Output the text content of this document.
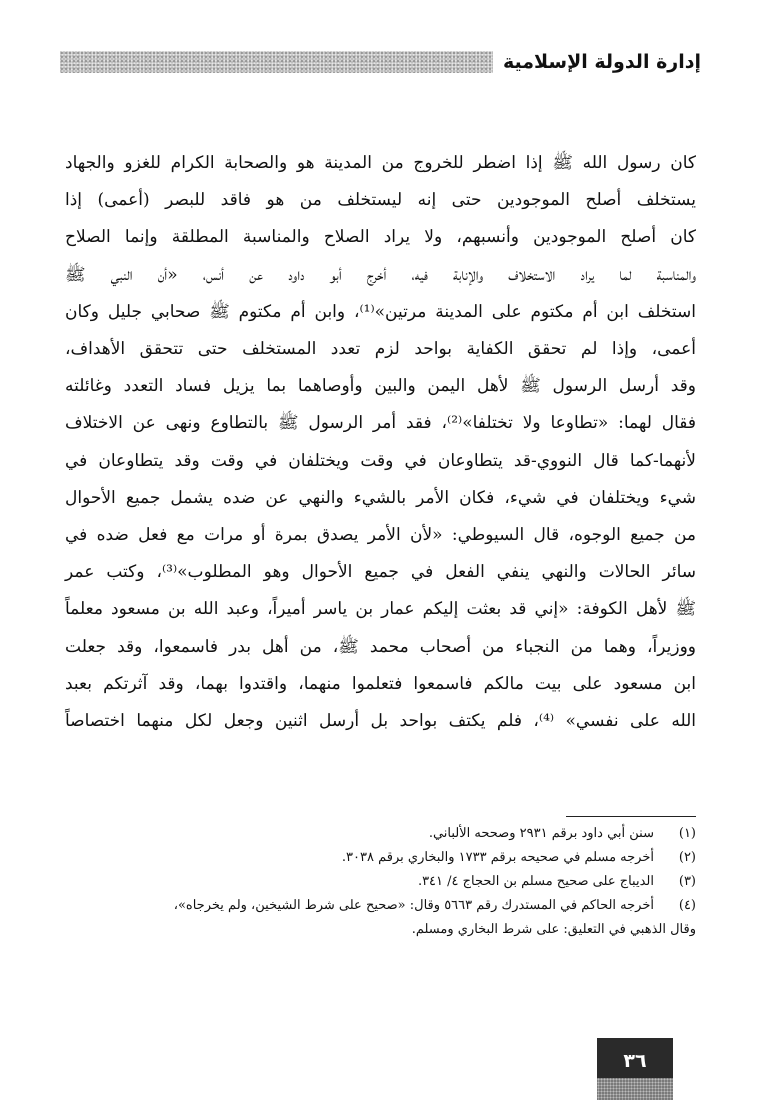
إدارة الدولة الإسلامية
كان رسول الله ﷺ إذا اضطر للخروج من المدينة هو والصحابة الكرام للغزو والجهاد
يستخلف أصلح الموجودين حتى إنه ليستخلف من هو فاقد للبصر (أعمى) إذا
كان أصلح الموجودين وأنسبهم، ولا يراد الصلاح والمناسبة المطلقة وإنما الصلاح
والمناسبة لما يراد الاستخلاف والإنابة فيه، أخرج أبو داود عن أنس، «أن النبي ﷺ
استخلف ابن أم مكتوم على المدينة مرتين»⁽¹⁾، وابن أم مكتوم ﷺ صحابي جليل وكان
أعمى، وإذا لم تحقق الكفاية بواحد لزم تعدد المستخلف حتى تتحقق الأهداف،
وقد أرسل الرسول ﷺ لأهل اليمن والبين وأوصاهما بما يزيل فساد التعدد وغائلته
فقال لهما: «تطاوعا ولا تختلفا»⁽²⁾، فقد أمر الرسول ﷺ بالتطاوع ونهى عن الاختلاف
لأنهما-كما قال النووي-قد يتطاوعان في وقت ويختلفان في وقت وقد يتطاوعان في
شيء ويختلفان في شيء، فكان الأمر بالشيء والنهي عن ضده يشمل جميع الأحوال
من جميع الوجوه، قال السيوطي: «لأن الأمر يصدق بمرة أو مرات مع فعل ضده في
سائر الحالات والنهي ينفي الفعل في جميع الأحوال وهو المطلوب»⁽³⁾، وكتب عمر
ﷺ لأهل الكوفة: «إني قد بعثت إليكم عمار بن ياسر أميراً، وعبد الله بن مسعود معلماً
ووزيراً، وهما من النجباء من أصحاب محمد ﷺ، من أهل بدر فاسمعوا، وقد جعلت
ابن مسعود على بيت مالكم فاسمعوا فتعلموا منهما، واقتدوا بهما، وقد آثرتكم بعبد
الله على نفسي» ⁽⁴⁾، فلم يكتف بواحد بل أرسل اثنين وجعل لكل منهما اختصاصاً
(١)
سنن أبي داود برقم ٢٩٣١ وصححه الألباني.
(٢)
أخرجه مسلم في صحيحه برقم ١٧٣٣ والبخاري برقم ٣٠٣٨.
(٣)
الديباج على صحيح مسلم بن الحجاج ٤/ ٣٤١.
(٤)
أخرجه الحاكم في المستدرك رقم ٥٦٦٣ وقال: «صحيح على شرط الشيخين، ولم يخرجاه»،
وقال الذهبي في التعليق: على شرط البخاري ومسلم.
٣٦
